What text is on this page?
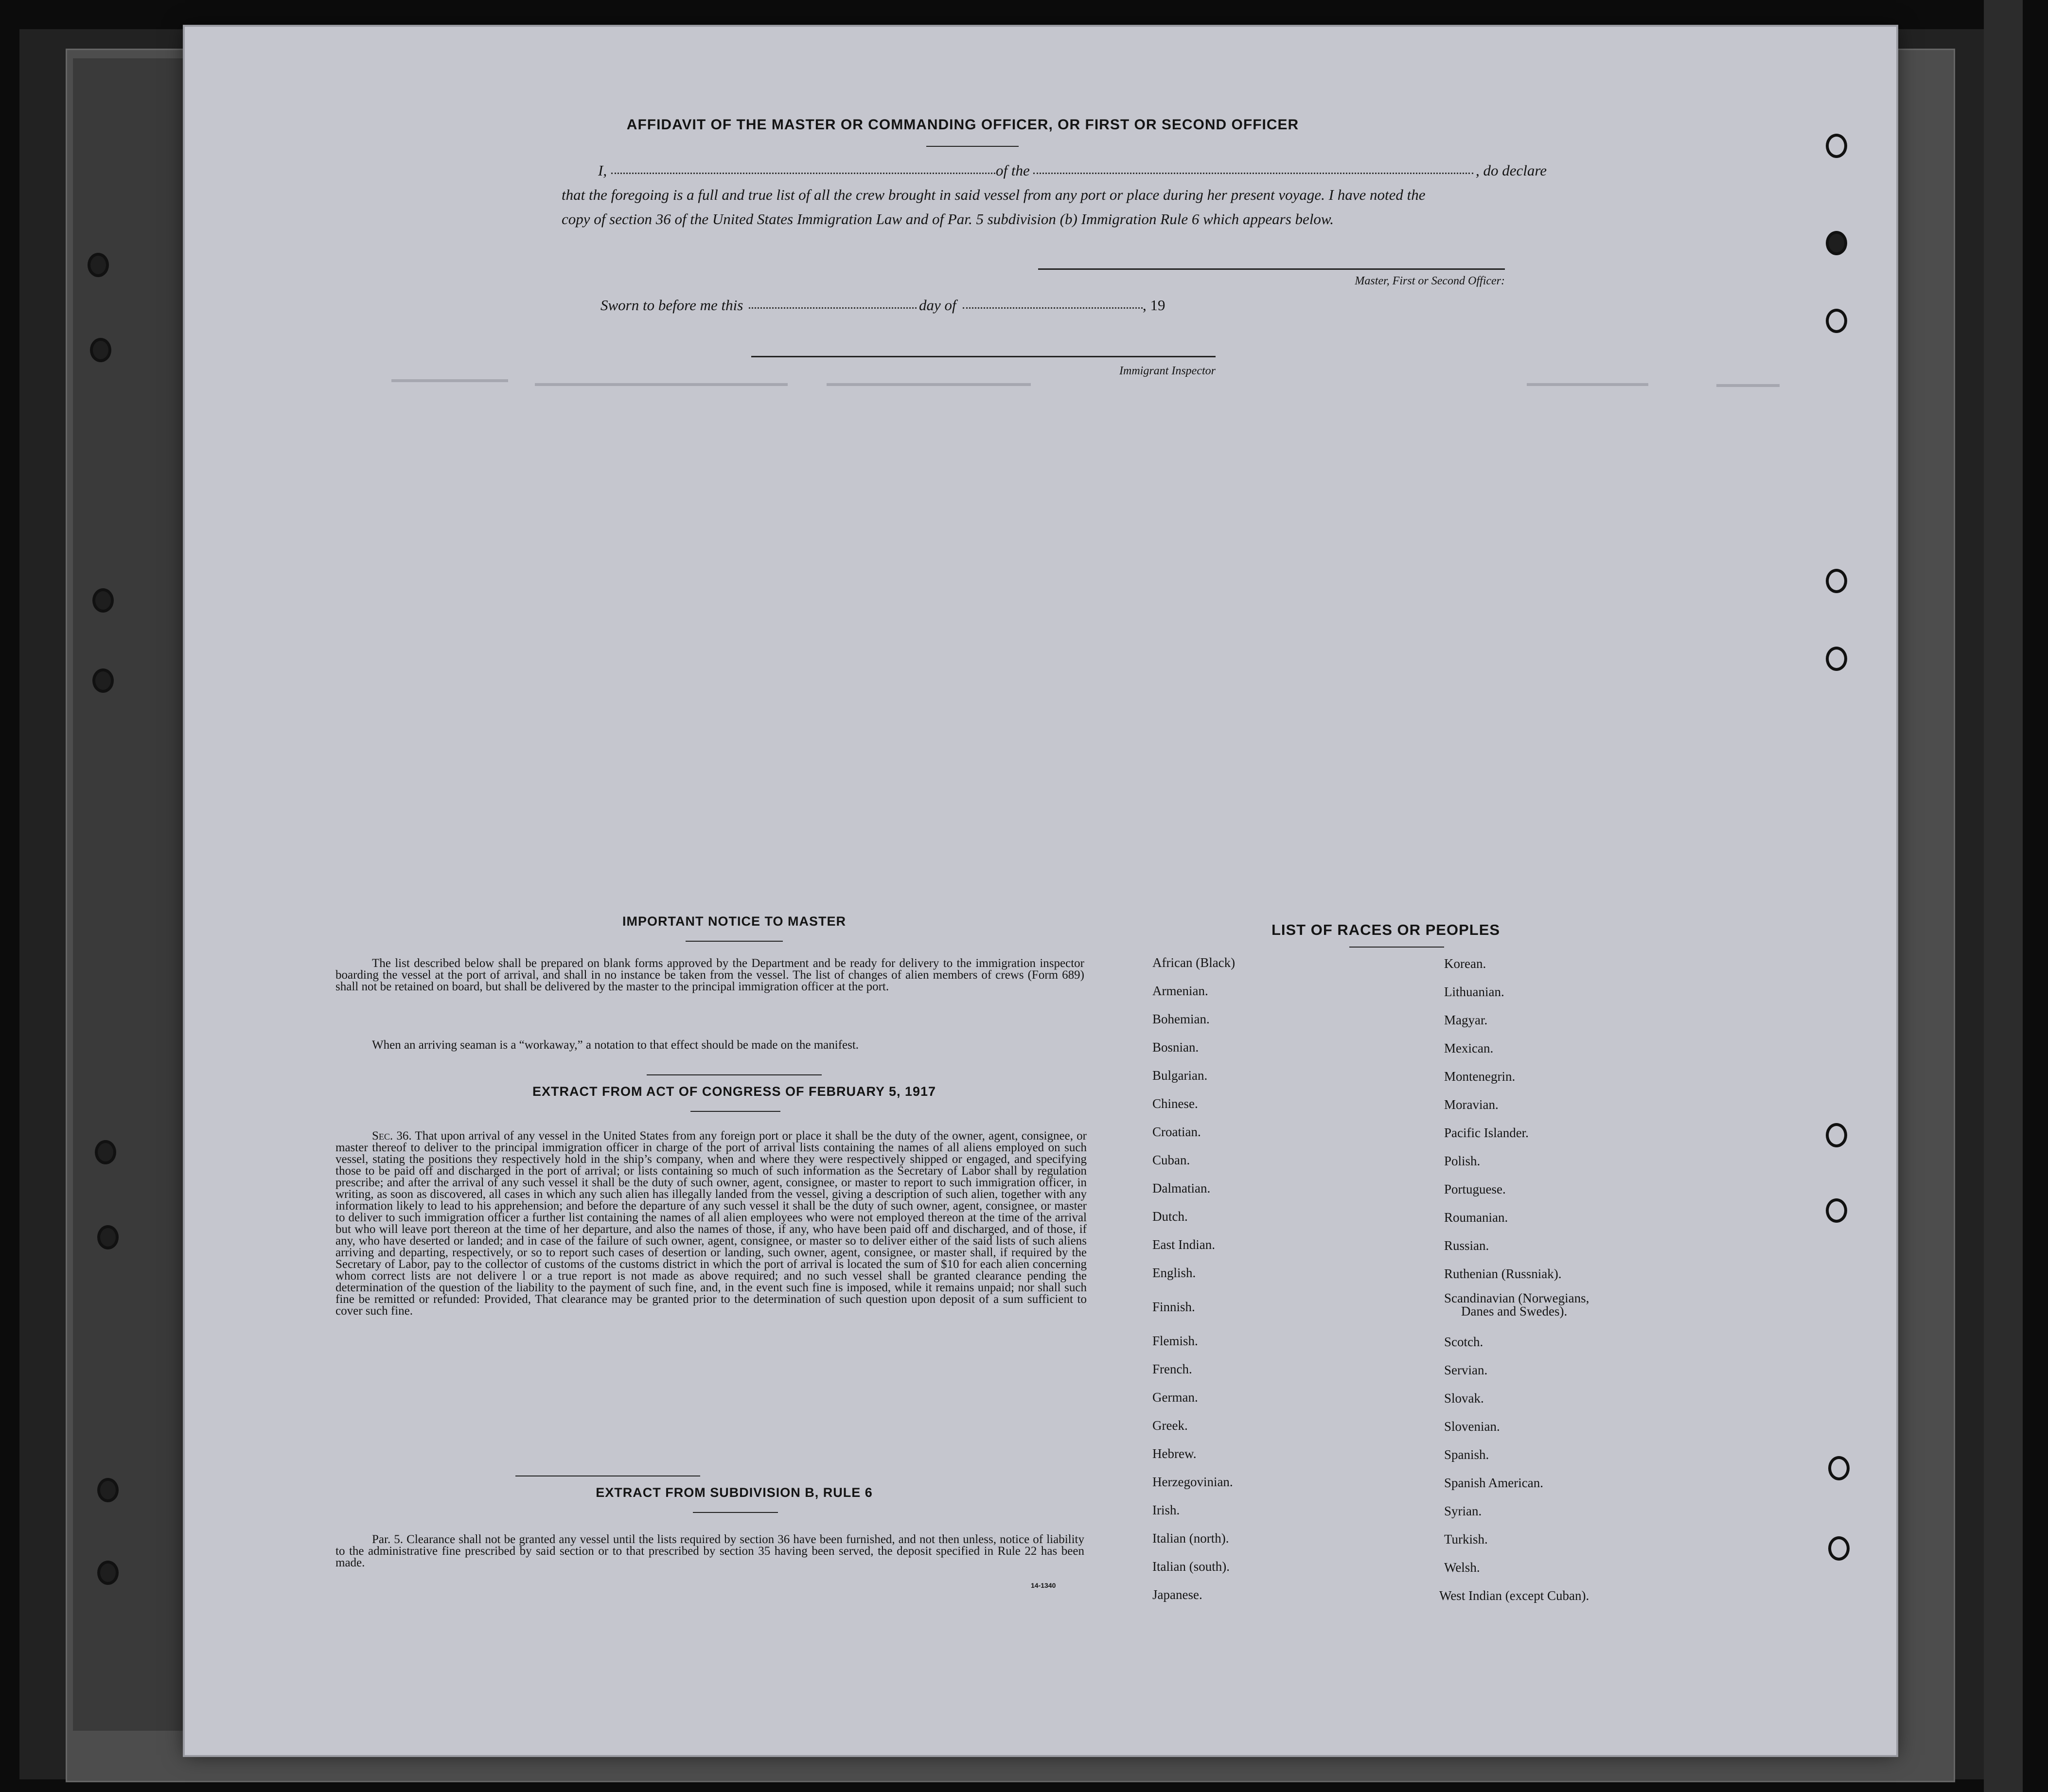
AFFIDAVIT OF THE MASTER OR COMMANDING OFFICER, OR FIRST OR SECOND OFFICER
I,	of the	, do declare
that the foregoing is a full and true list of all the crew brought in said vessel from any port or place during her present voyage. I have noted the
copy of section 36 of the United States Immigration Law and of Par. 5 subdivision (b) Immigration Rule 6 which appears below.
Master, First or Second Officer:
Sworn to before me this	day of	, 19
Immigrant Inspector
IMPORTANT NOTICE TO MASTER
The list described below shall be prepared on blank forms approved by the Department and be ready for delivery to the immigration inspector boarding the vessel at the port of arrival, and shall in no instance be taken from the vessel. The list of changes of alien members of crews (Form 689) shall not be retained on board, but shall be delivered by the master to the principal immigration officer at the port.
When an arriving seaman is a “workaway,” a notation to that effect should be made on the manifest.
EXTRACT FROM ACT OF CONGRESS OF FEBRUARY 5, 1917
Sec. 36. That upon arrival of any vessel in the United States from any foreign port or place it shall be the duty of the owner, agent, consignee, or master thereof to deliver to the principal immigration officer in charge of the port of arrival lists containing the names of all aliens employed on such vessel, stating the positions they respectively hold in the ship’s company, when and where they were respectively shipped or engaged, and specifying those to be paid off and discharged in the port of arrival; or lists containing so much of such information as the Secretary of Labor shall by regulation prescribe; and after the arrival of any such vessel it shall be the duty of such owner, agent, consignee, or master to report to such immigration officer, in writing, as soon as discovered, all cases in which any such alien has illegally landed from the vessel, giving a description of such alien, together with any information likely to lead to his apprehension; and before the departure of any such vessel it shall be the duty of such owner, agent, consignee, or master to deliver to such immigration officer a further list containing the names of all alien employees who were not employed thereon at the time of the arrival but who will leave port thereon at the time of her departure, and also the names of those, if any, who have been paid off and discharged, and of those, if any, who have deserted or landed; and in case of the failure of such owner, agent, consignee, or master so to deliver either of the said lists of such aliens arriving and departing, respectively, or so to report such cases of desertion or landing, such owner, agent, consignee, or master shall, if required by the Secretary of Labor, pay to the collector of customs of the customs district in which the port of arrival is located the sum of $10 for each alien concerning whom correct lists are not delivere l or a true report is not made as above required; and no such vessel shall be granted clearance pending the determination of the question of the liability to the payment of such fine, and, in the event such fine is imposed, while it remains unpaid; nor shall such fine be remitted or refunded: Provided, That clearance may be granted prior to the determination of such question upon deposit of a sum sufficient to cover such fine.
EXTRACT FROM SUBDIVISION B, RULE 6
Par. 5. Clearance shall not be granted any vessel until the lists required by section 36 have been furnished, and not then unless, notice of liability to the administrative fine prescribed by said section or to that prescribed by section 35 having been served, the deposit specified in Rule 22 has been made.
14-1340
LIST OF RACES OR PEOPLES
African (Black)
Armenian.
Bohemian.
Bosnian.
Bulgarian.
Chinese.
Croatian.
Cuban.
Dalmatian.
Dutch.
East Indian.
English.
Finnish.
Flemish.
French.
German.
Greek.
Hebrew.
Herzegovinian.
Irish.
Italian (north).
Italian (south).
Japanese.
Korean.
Lithuanian.
Magyar.
Mexican.
Montenegrin.
Moravian.
Pacific Islander.
Polish.
Portuguese.
Roumanian.
Russian.
Ruthenian (Russniak).
Scandinavian (Norwegians,
Danes and Swedes).
Scotch.
Servian.
Slovak.
Slovenian.
Spanish.
Spanish American.
Syrian.
Turkish.
Welsh.
West Indian (except Cuban).
